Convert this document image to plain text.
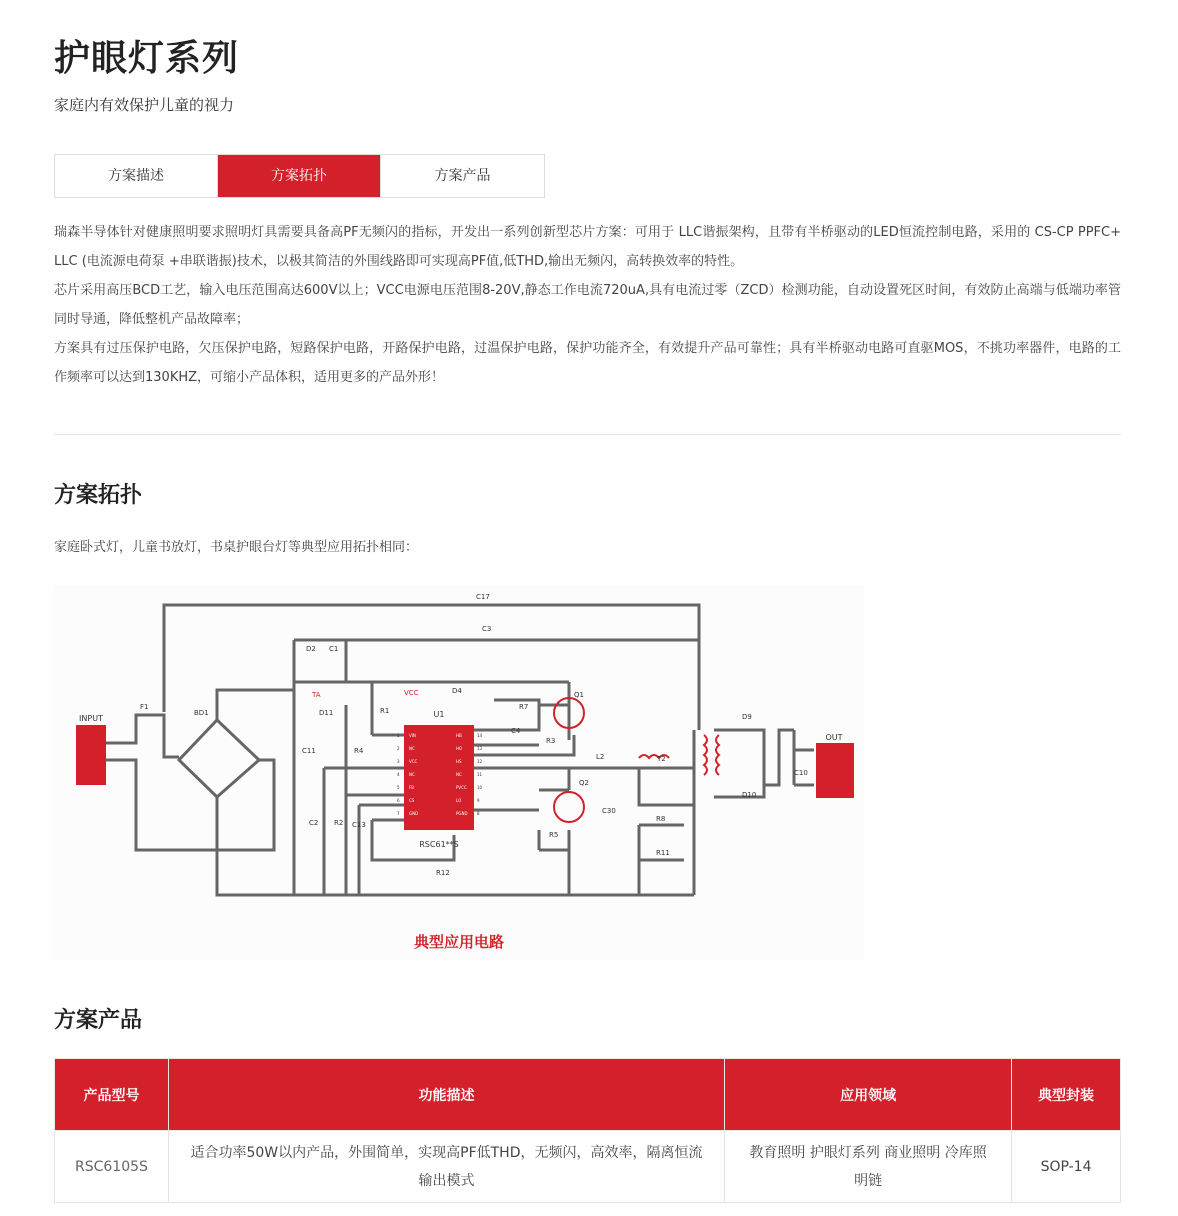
护眼灯系列
家庭内有效保护儿童的视力
方案描述	方案拓扑	方案产品

瑞森半导体针对健康照明要求照明灯具需要具备高PF无频闪的指标，开发出一系列创新型芯片方案：可用于 LLC谐振架构，且带有半桥驱动的LED恒流控制电路，采用的 CS-CP PPFC+ LLC (电流源电荷泵 +串联谐振)技术，以极其简洁的外围线路即可实现高PF值,低THD,输出无频闪，高转换效率的特性。

芯片采用高压BCD工艺，输入电压范围高达600V以上；VCC电源电压范围8-20V,静态工作电流720uA,具有电流过零（ZCD）检测功能，自动设置死区时间，有效防止高端与低端功率管同时导通，降低整机产品故障率；

方案具有过压保护电路，欠压保护电路，短路保护电路，开路保护电路，过温保护电路，保护功能齐全，有效提升产品可靠性；具有半桥驱动电路可直驱MOS，不挑功率器件，电路的工作频率可以达到130KHZ，可缩小产品体积，适用更多的产品外形！

方案拓扑
家庭卧式灯，儿童书放灯，书桌护眼台灯等典型应用拓扑相同：
INPUT
OUT
U1
RSC61**S
典型应用电路
C17
C3
D2 C1
F1
BD1	R1
D4
R7
Q1
D11
C4
R3
C11	R4
L2	T2
D9
Q2
C10
C30
C2 R2 C13
R5
R8
D10
R11
R12
VCC
TA
VIN
NC
VCC
NC
FB
CS
GND
HB
HO
HS
NC
PVCC
LO
PGND
1
2
3
4
5
6
7
14
13
12
11
10
9
8
方案产品
产品型号	功能描述	应用领域	典型封装
RSC6105S	适合功率50W以内产品，外围简单，实现高PF低THD，无频闪，高效率，隔离恒流输出模式	教育照明 护眼灯系列 商业照明 冷库照明链	SOP-14
